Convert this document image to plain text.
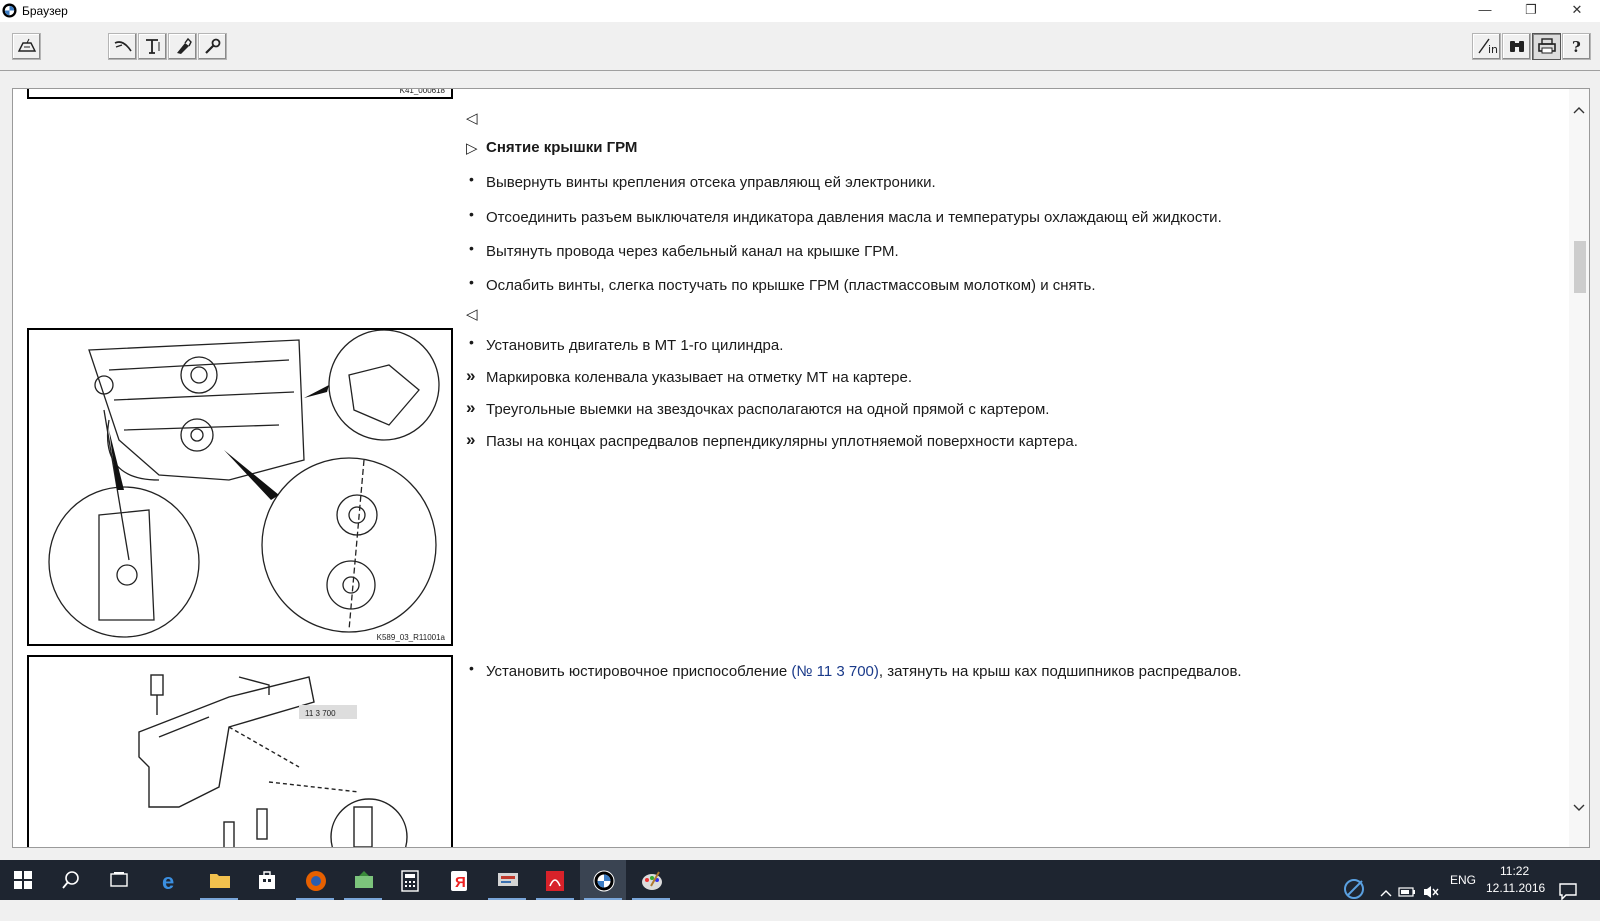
Браузер	—	❐	✕
in	?
K41_000618
K589_03_R11001a
11 3 700
◁
▷ Снятие крышки ГРМ
• Вывернуть винты крепления отсека управляющ ей электроники.
• Отсоединить разъем выключателя индикатора давления масла и температуры охлаждающ ей жидкости.
• Вытянуть провода через кабельный канал на крышке ГРМ.
• Ослабить винты, слегка постучать по крышке ГРМ (пластмассовым молотком) и снять.
◁
• Установить двигатель в МТ 1-го цилиндра.
» Маркировка коленвала указывает на отметку МТ на картере.
» Треугольные выемки на звездочках располагаются на одной прямой с картером.
» Пазы на концах распредвалов перпендикулярны уплотняемой поверхности картера.
• Установить юстировочное приспособление (№ 11 3 700), затянуть на крыш ках подшипников распредвалов.
e	Я	ENG
11:22
12.11.2016
